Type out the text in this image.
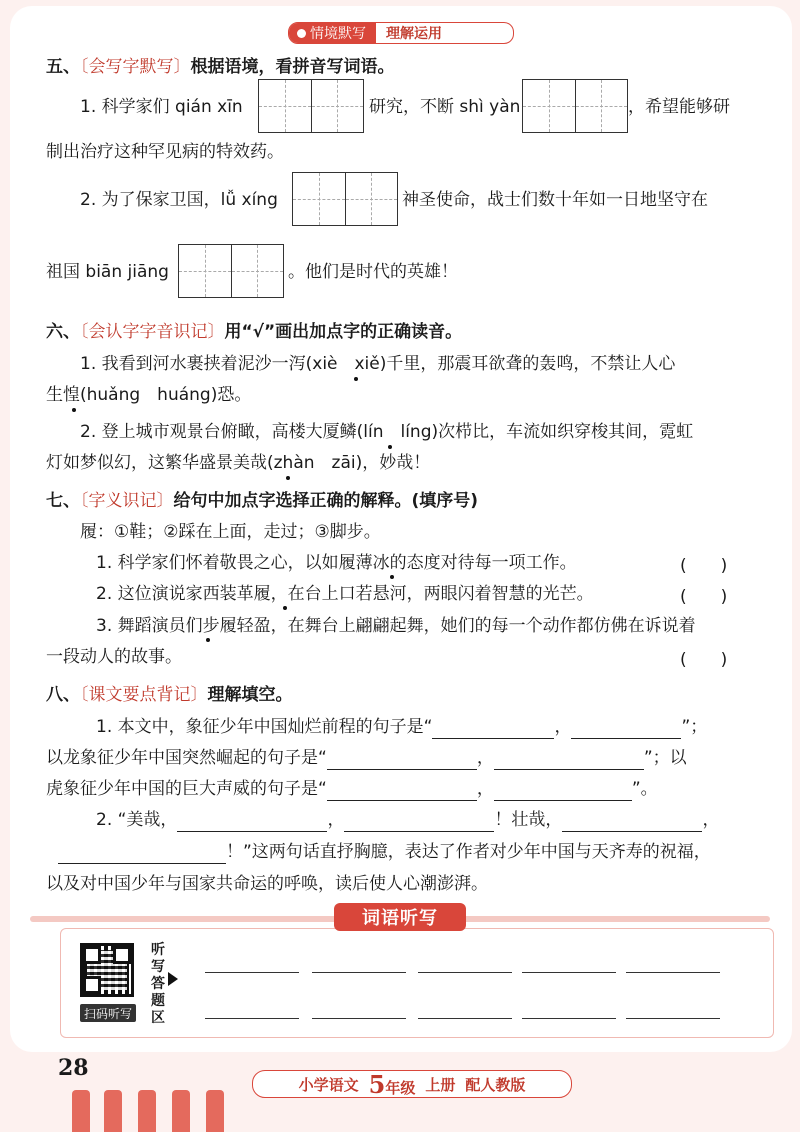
情境默写	理解运用
五、〔会写字默写〕根据语境，看拼音写词语。
1. 科学家们 qián xīn	研究，不断 shì yàn	，希望能够研
制出治疗这种罕见病的特效药。
2. 为了保家卫国，lǚ xíng	神圣使命，战士们数十年如一日地坚守在
祖国 biān jiāng	。他们是时代的英雄！
六、〔会认字字音识记〕用“√”画出加点字的正确读音。
1. 我看到河水裹挟着泥沙一泻(xiè　xiě)千里，那震耳欲聋的轰鸣，不禁让人心
生惶(huǎng　huáng)恐。
2. 登上城市观景台俯瞰，高楼大厦鳞(lín　líng)次栉比，车流如织穿梭其间，霓虹
灯如梦似幻，这繁华盛景美哉(zhàn　zāi)，妙哉！
七、〔字义识记〕给句中加点字选择正确的解释。(填序号)
履：①鞋；②踩在上面，走过；③脚步。
1. 科学家们怀着敬畏之心，以如履薄冰的态度对待每一项工作。	(　　)
2. 这位演说家西装革履，在台上口若悬河，两眼闪着智慧的光芒。	(　　)
3. 舞蹈演员们步履轻盈，在舞台上翩翩起舞，她们的每一个动作都仿佛在诉说着
一段动人的故事。	(　　)
八、〔课文要点背记〕理解填空。
1. 本文中，象征少年中国灿烂前程的句子是“	，	”；
以龙象征少年中国突然崛起的句子是“	，	”；以
虎象征少年中国的巨大声威的句子是“	，	”。
2. “美哉，	，	！壮哉，	，
！”这两句话直抒胸臆，表达了作者对少年中国与天齐寿的祝福，
以及对中国少年与国家共命运的呼唤，读后使人心潮澎湃。
词语听写
扫码听写
听写答题区
28
小学语文 5年级 上册 配人教版
